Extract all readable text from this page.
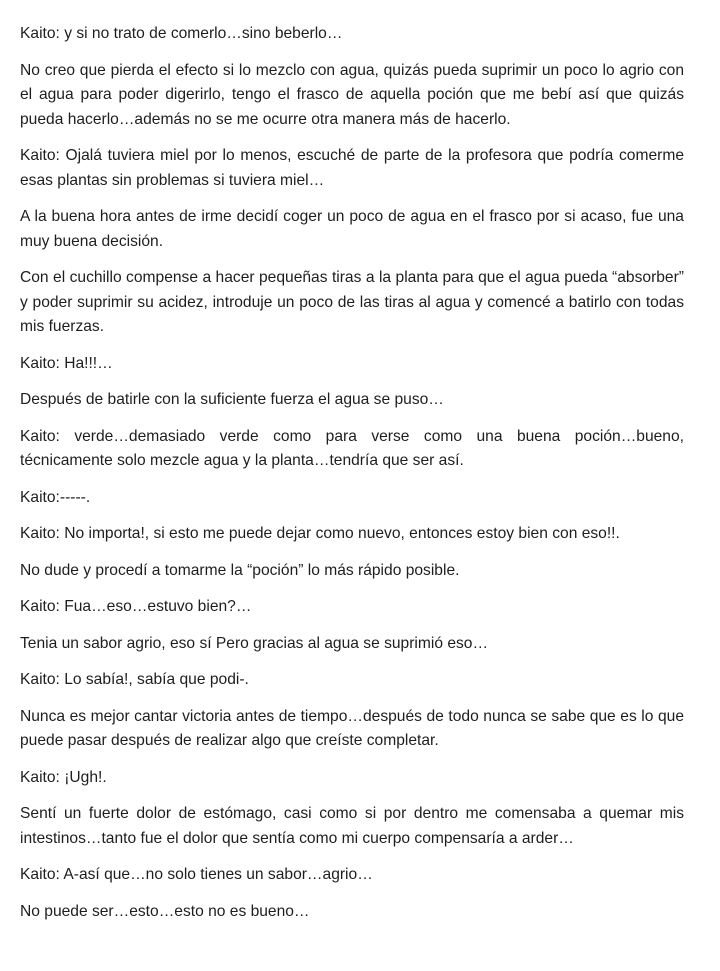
Kaito: y si no trato de comerlo…sino beberlo…

No creo que pierda el efecto si lo mezclo con agua, quizás pueda suprimir un poco lo agrio con el agua para poder digerirlo, tengo el frasco de aquella poción que me bebí así que quizás pueda hacerlo…además no se me ocurre otra manera más de hacerlo.

Kaito: Ojalá tuviera miel por lo menos, escuché de parte de la profesora que podría comerme esas plantas sin problemas si tuviera miel…

A la buena hora antes de irme decidí coger un poco de agua en el frasco por si acaso, fue una muy buena decisión.

Con el cuchillo compense a hacer pequeñas tiras a la planta para que el agua pueda “absorber” y poder suprimir su acidez, introduje un poco de las tiras al agua y comencé a batirlo con todas mis fuerzas.

Kaito: Ha!!!…

Después de batirle con la suficiente fuerza el agua se puso…

Kaito: verde…demasiado verde como para verse como una buena poción…bueno, técnicamente solo mezcle agua y la planta…tendría que ser así.

Kaito:-----.

Kaito: No importa!, si esto me puede dejar como nuevo, entonces estoy bien con eso!!.

No dude y procedí a tomarme la “poción” lo más rápido posible.

Kaito: Fua…eso…estuvo bien?…

Tenia un sabor agrio, eso sí Pero gracias al agua se suprimió eso…

Kaito: Lo sabía!, sabía que podi-.

Nunca es mejor cantar victoria antes de tiempo…después de todo nunca se sabe que es lo que puede pasar después de realizar algo que creíste completar.

Kaito: ¡Ugh!.

Sentí un fuerte dolor de estómago, casi como si por dentro me comensaba a quemar mis intestinos…tanto fue el dolor que sentía como mi cuerpo compensaría a arder…

Kaito: A-así que…no solo tienes un sabor…agrio…

No puede ser…esto…esto no es bueno…
